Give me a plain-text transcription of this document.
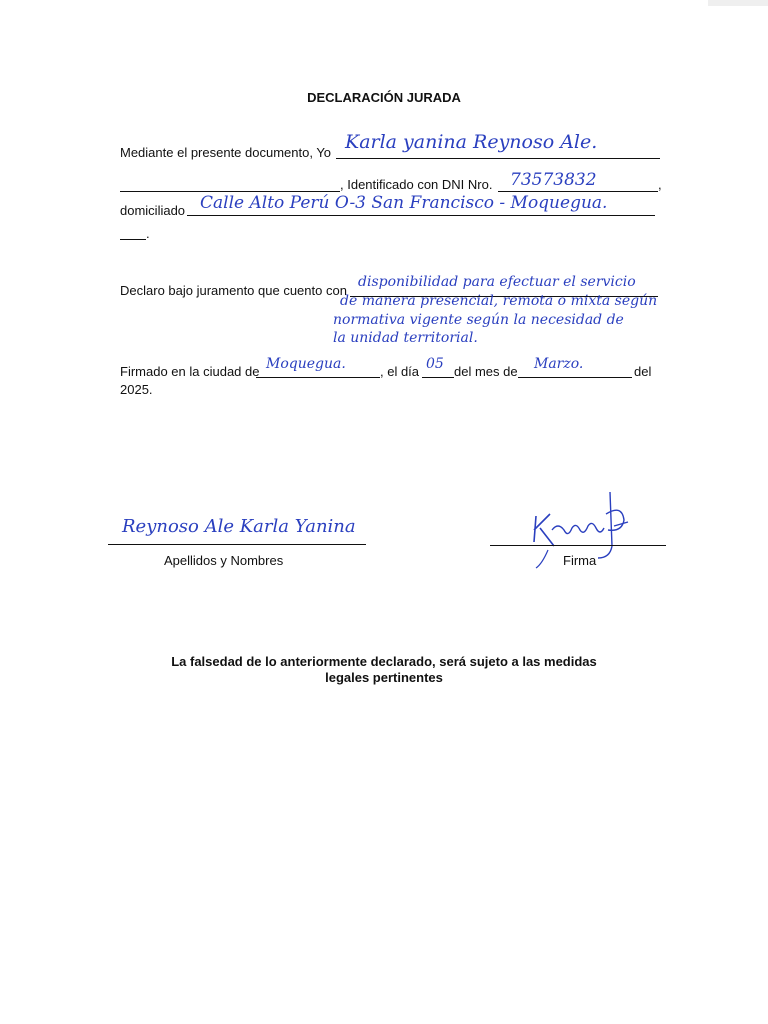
DECLARACIÓN JURADA
Mediante el presente documento, Yo Karla yanina Reynoso Ale.
, Identificado con DNI Nro. 73573832	,
domiciliado Calle Alto Perú O-3 San Francisco - Moquegua.
.
Declaro bajo juramento que cuento con
disponibilidad para efectuar el servicio
de manera presencial, remota o mixta según
normativa vigente según la necesidad de
la unidad territorial.
Firmado en la ciudad de Moquegua.	, el día 05 del mes de Marzo.	del
2025.
Reynoso Ale Karla Yanina
Apellidos y Nombres	Firma
La falsedad de lo anteriormente declarado, será sujeto a las medidas
legales pertinentes
